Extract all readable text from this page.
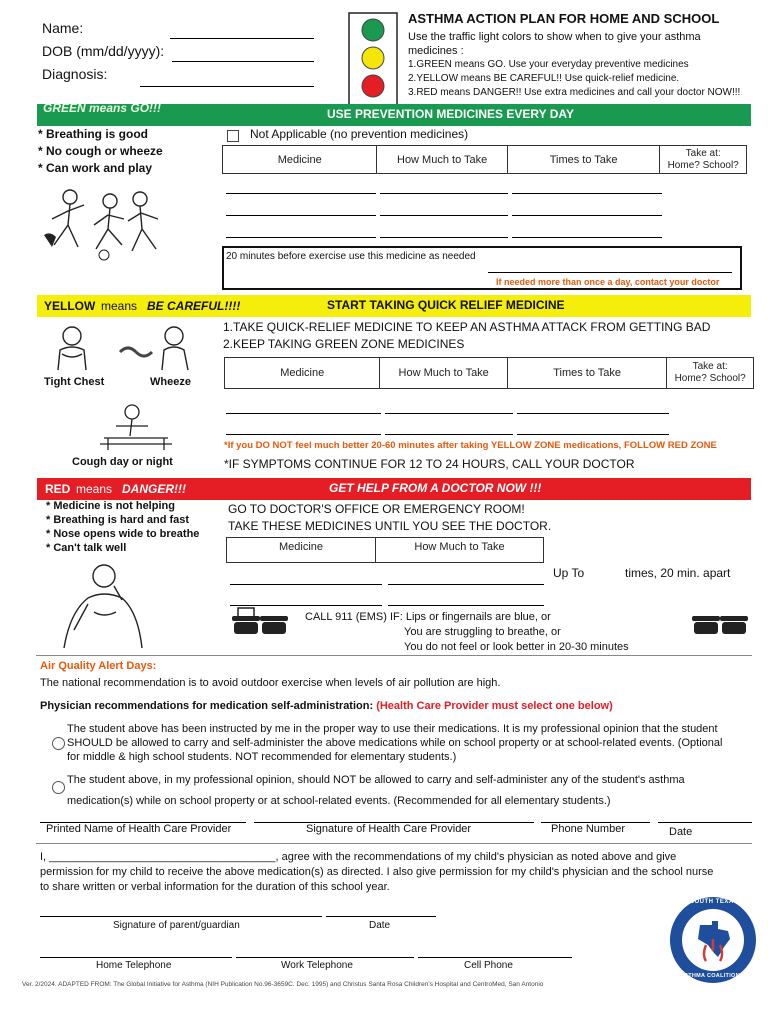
Name:
DOB (mm/dd/yyyy):
Diagnosis:
ASTHMA ACTION PLAN FOR HOME AND SCHOOL
Use the traffic light colors to show when to give your asthma medicines :
1.GREEN means GO. Use your everyday preventive medicines
2.YELLOW means BE CAREFUL!! Use quick-relief medicine.
3.RED means DANGER!! Use extra medicines and call your doctor NOW!!!
GREEN means GO!!!	USE PREVENTION MEDICINES EVERY DAY
* Breathing is good
* No cough or wheeze
* Can work and play
Not Applicable (no prevention medicines)
Medicine	How Much to Take	Times to Take
Take at:
Home? School?
20 minutes before exercise use this medicine as needed
If needed more than once a day, contact your doctor
YELLOW means BE CAREFUL!!!!	START TAKING QUICK RELIEF MEDICINE
1.TAKE QUICK-RELIEF MEDICINE TO KEEP AN ASTHMA ATTACK FROM GETTING BAD
2.KEEP TAKING GREEN ZONE MEDICINES
Tight Chest	Wheeze
Cough day or night
Medicine	How Much to Take	Times to Take
Take at:
Home? School?
*If you DO NOT feel much better 20-60 minutes after taking YELLOW ZONE medications, FOLLOW RED ZONE
*IF SYMPTOMS CONTINUE FOR 12 TO 24 HOURS, CALL YOUR DOCTOR
RED means DANGER!!!	GET HELP FROM A DOCTOR NOW !!!
* Medicine is not helping
* Breathing is hard and fast
* Nose opens wide to breathe
* Can't talk well
GO TO DOCTOR'S OFFICE OR EMERGENCY ROOM!
TAKE THESE MEDICINES UNTIL YOU SEE THE DOCTOR.
Medicine	How Much to Take
Up To	times, 20 min. apart
CALL 911 (EMS) IF: Lips or fingernails are blue, or
You are struggling to breathe, or
You do not feel or look better in 20-30 minutes
Air Quality Alert Days:
The national recommendation is to avoid outdoor exercise when levels of air pollution are high.
Physician recommendations for medication self-administration: (Health Care Provider must select one below)
The student above has been instructed by me in the proper way to use their medications. It is my professional opinion that the student SHOULD be allowed to carry and self-administer the above medications while on school property or at school-related events. (Optional for middle & high school students. NOT recommended for elementary students.)
The student above, in my professional opinion, should NOT be allowed to carry and self-administer any of the student's asthma medication(s) while on school property or at school-related events. (Recommended for all elementary students.)
Printed Name of Health Care Provider	Signature of Health Care Provider	Phone Number	Date
I, _____________________________________, agree with the recommendations of my child's physician as noted above and give permission for my child to receive the above medication(s) as directed. I also give permission for my child's physician and the school nurse to share written or verbal information for the duration of this school year.
Signature of parent/guardian	Date
Home Telephone	Work Telephone	Cell Phone
Ver. 2/2024. ADAPTED FROM: The Global Initiative for Asthma (NIH Publication No.96-3659C. Dec. 1995) and Christus Santa Rosa Children's Hospital and CentroMed, San Antonio
SOUTH TEXAS
ASTHMA COALITION
